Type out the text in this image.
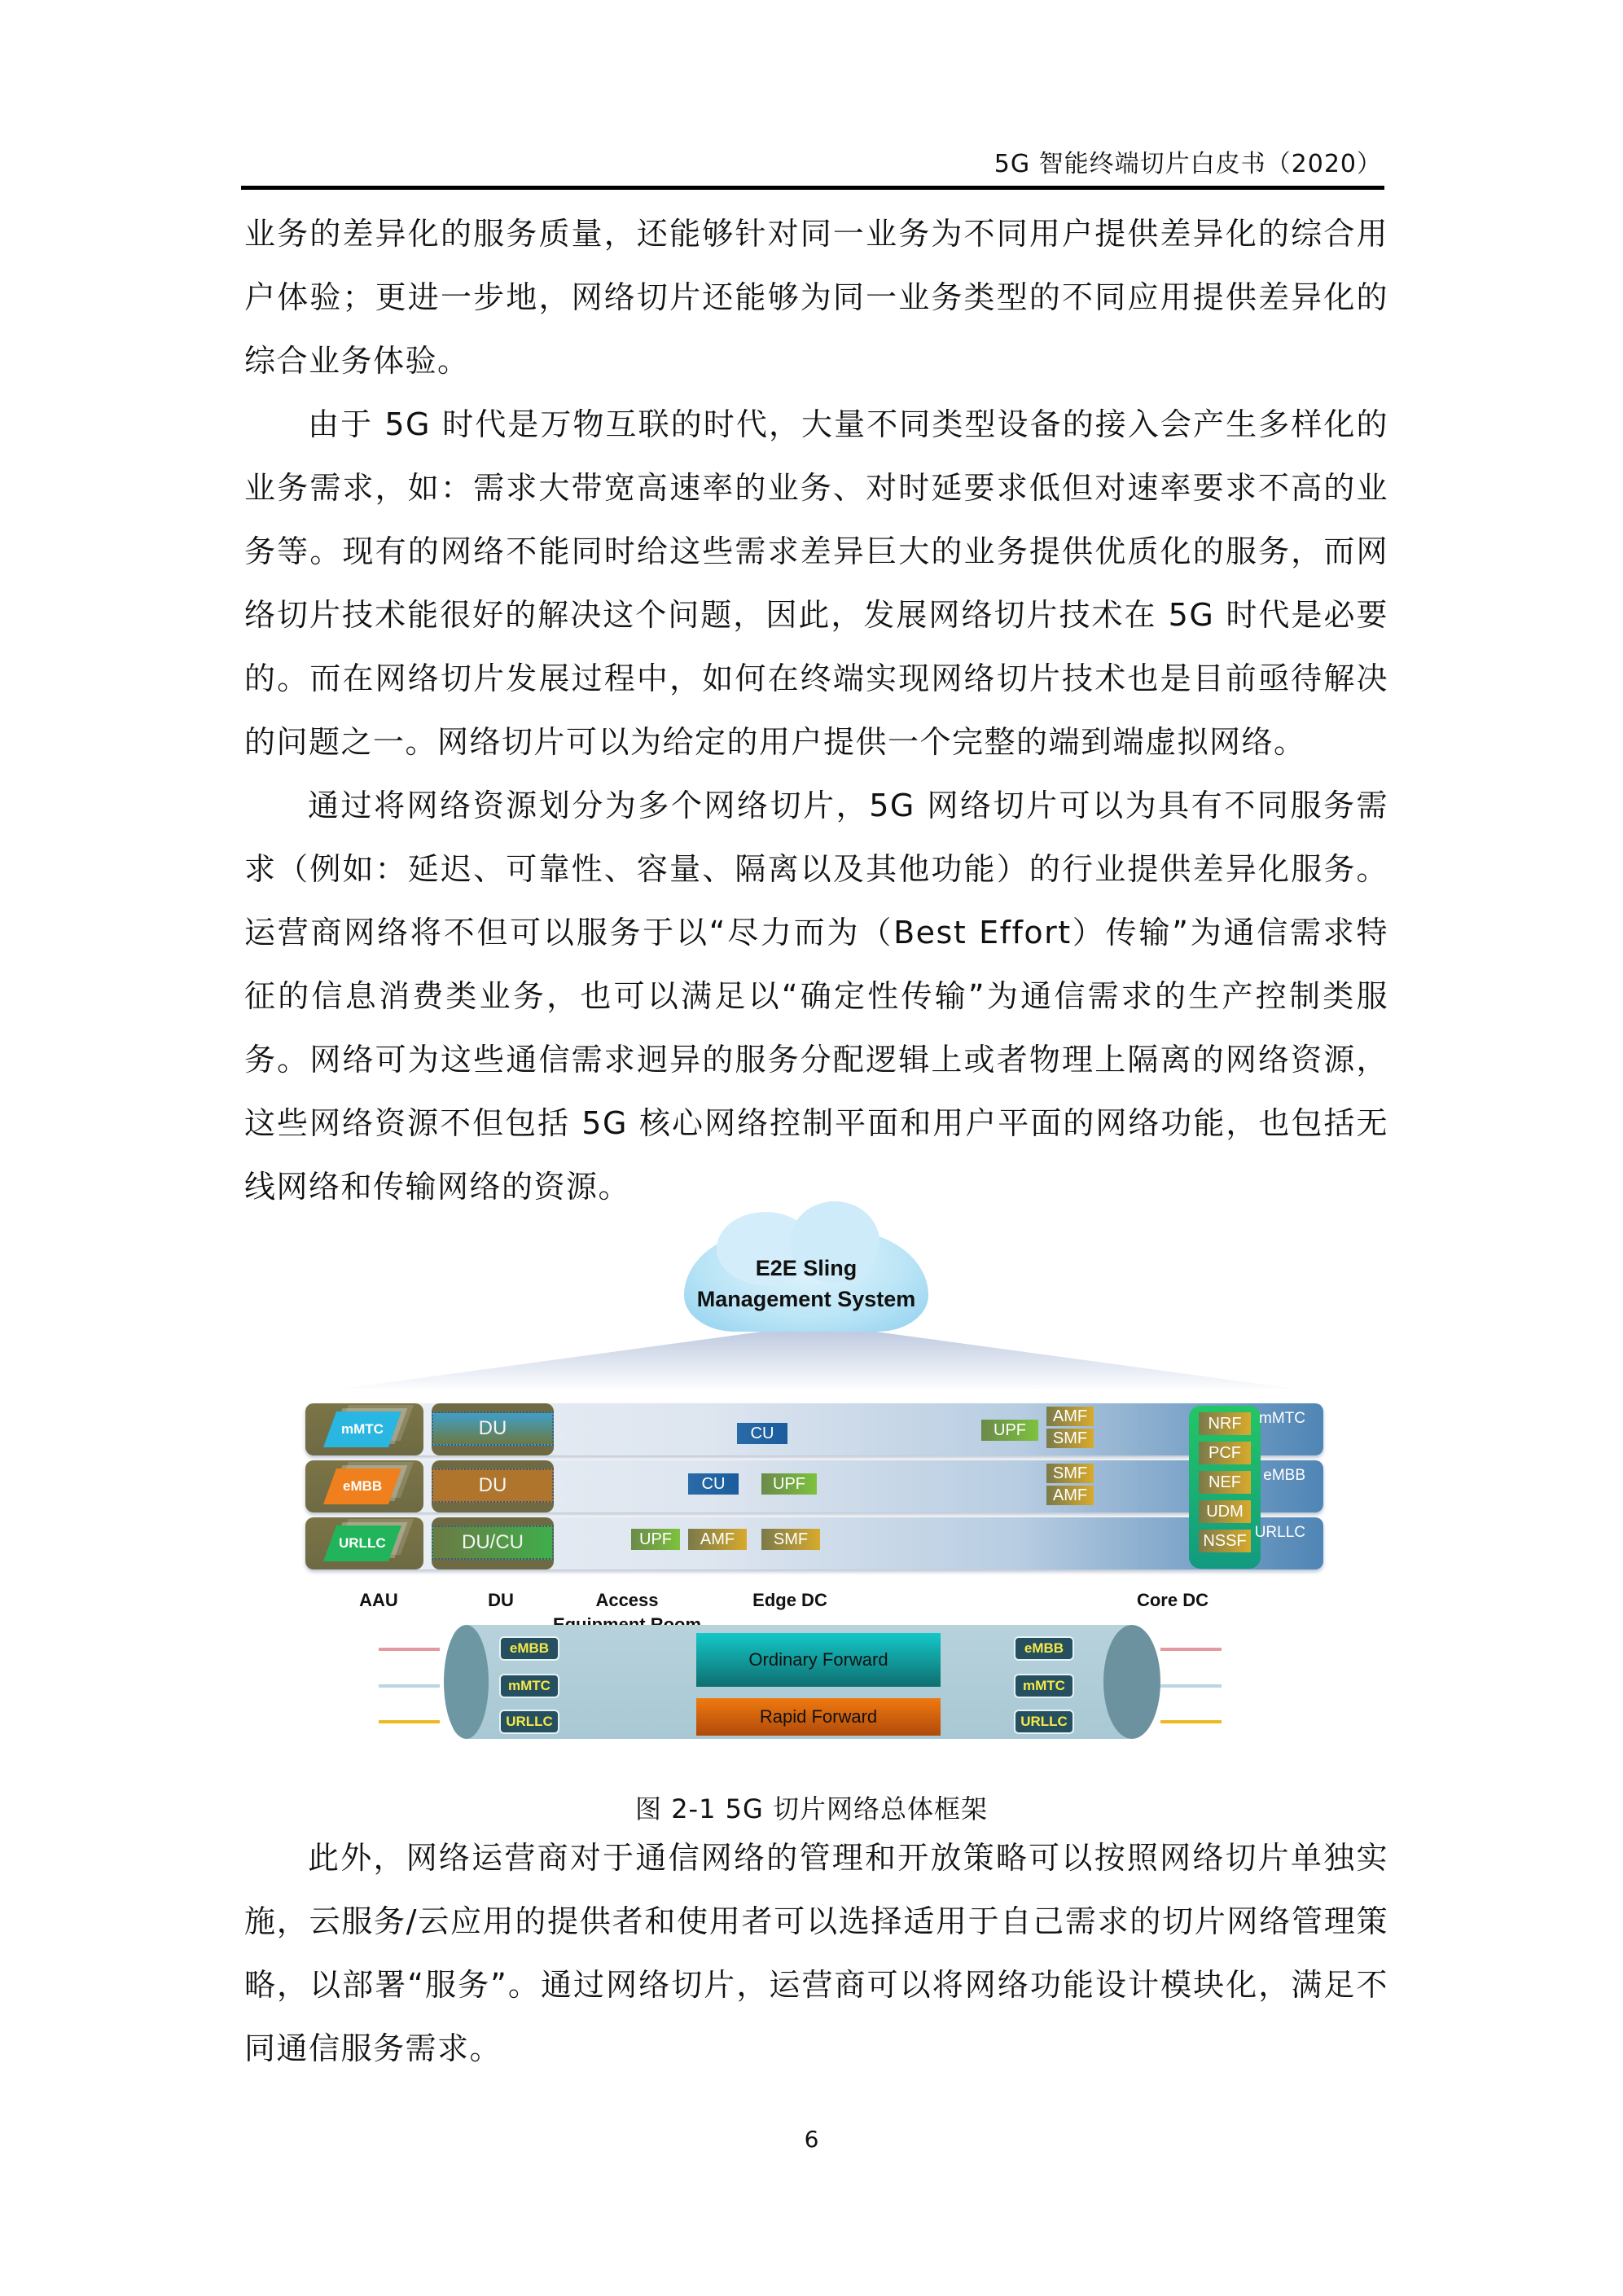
5G 智能终端切片白皮书（2020）

业务的差异化的服务质量，还能够针对同一业务为不同用户提供差异化的综合用户体验；更进一步地，网络切片还能够为同一业务类型的不同应用提供差异化的综合业务体验。

由于 5G 时代是万物互联的时代，大量不同类型设备的接入会产生多样化的业务需求，如：需求大带宽高速率的业务、对时延要求低但对速率要求不高的业务等。现有的网络不能同时给这些需求差异巨大的业务提供优质化的服务，而网络切片技术能很好的解决这个问题，因此，发展网络切片技术在 5G 时代是必要的。而在网络切片发展过程中，如何在终端实现网络切片技术也是目前亟待解决的问题之一。网络切片可以为给定的用户提供一个完整的端到端虚拟网络。

通过将网络资源划分为多个网络切片，5G 网络切片可以为具有不同服务需求（例如：延迟、可靠性、容量、隔离以及其他功能）的行业提供差异化服务。运营商网络将不但可以服务于以“尽力而为（Best Effort）传输”为通信需求特征的信息消费类业务，也可以满足以“确定性传输”为通信需求的生产控制类服务。网络可为这些通信需求迥异的服务分配逻辑上或者物理上隔离的网络资源，这些网络资源不但包括 5G 核心网络控制平面和用户平面的网络功能，也包括无线网络和传输网络的资源。

E2E Sling
Management System
mMTC
eMBB
URLLC
DU
DU
DU/CU
CU
CU	UPF
UPF	AMF	SMF
UPF
AMF
SMF
SMF
AMF
NRF
PCF
NEF
UDM
NSSF
mMTC
eMBB
URLLC
AAU	DU	Access	Edge DC	Core DC
eMBB
mMTC
URLLC
Ordinary Forward
Rapid Forward
eMBB
mMTC
URLLC
图 2-1 5G 切片网络总体框架

此外，网络运营商对于通信网络的管理和开放策略可以按照网络切片单独实施，云服务/云应用的提供者和使用者可以选择适用于自己需求的切片网络管理策略，以部署“服务”。通过网络切片，运营商可以将网络功能设计模块化，满足不同通信服务需求。

6
